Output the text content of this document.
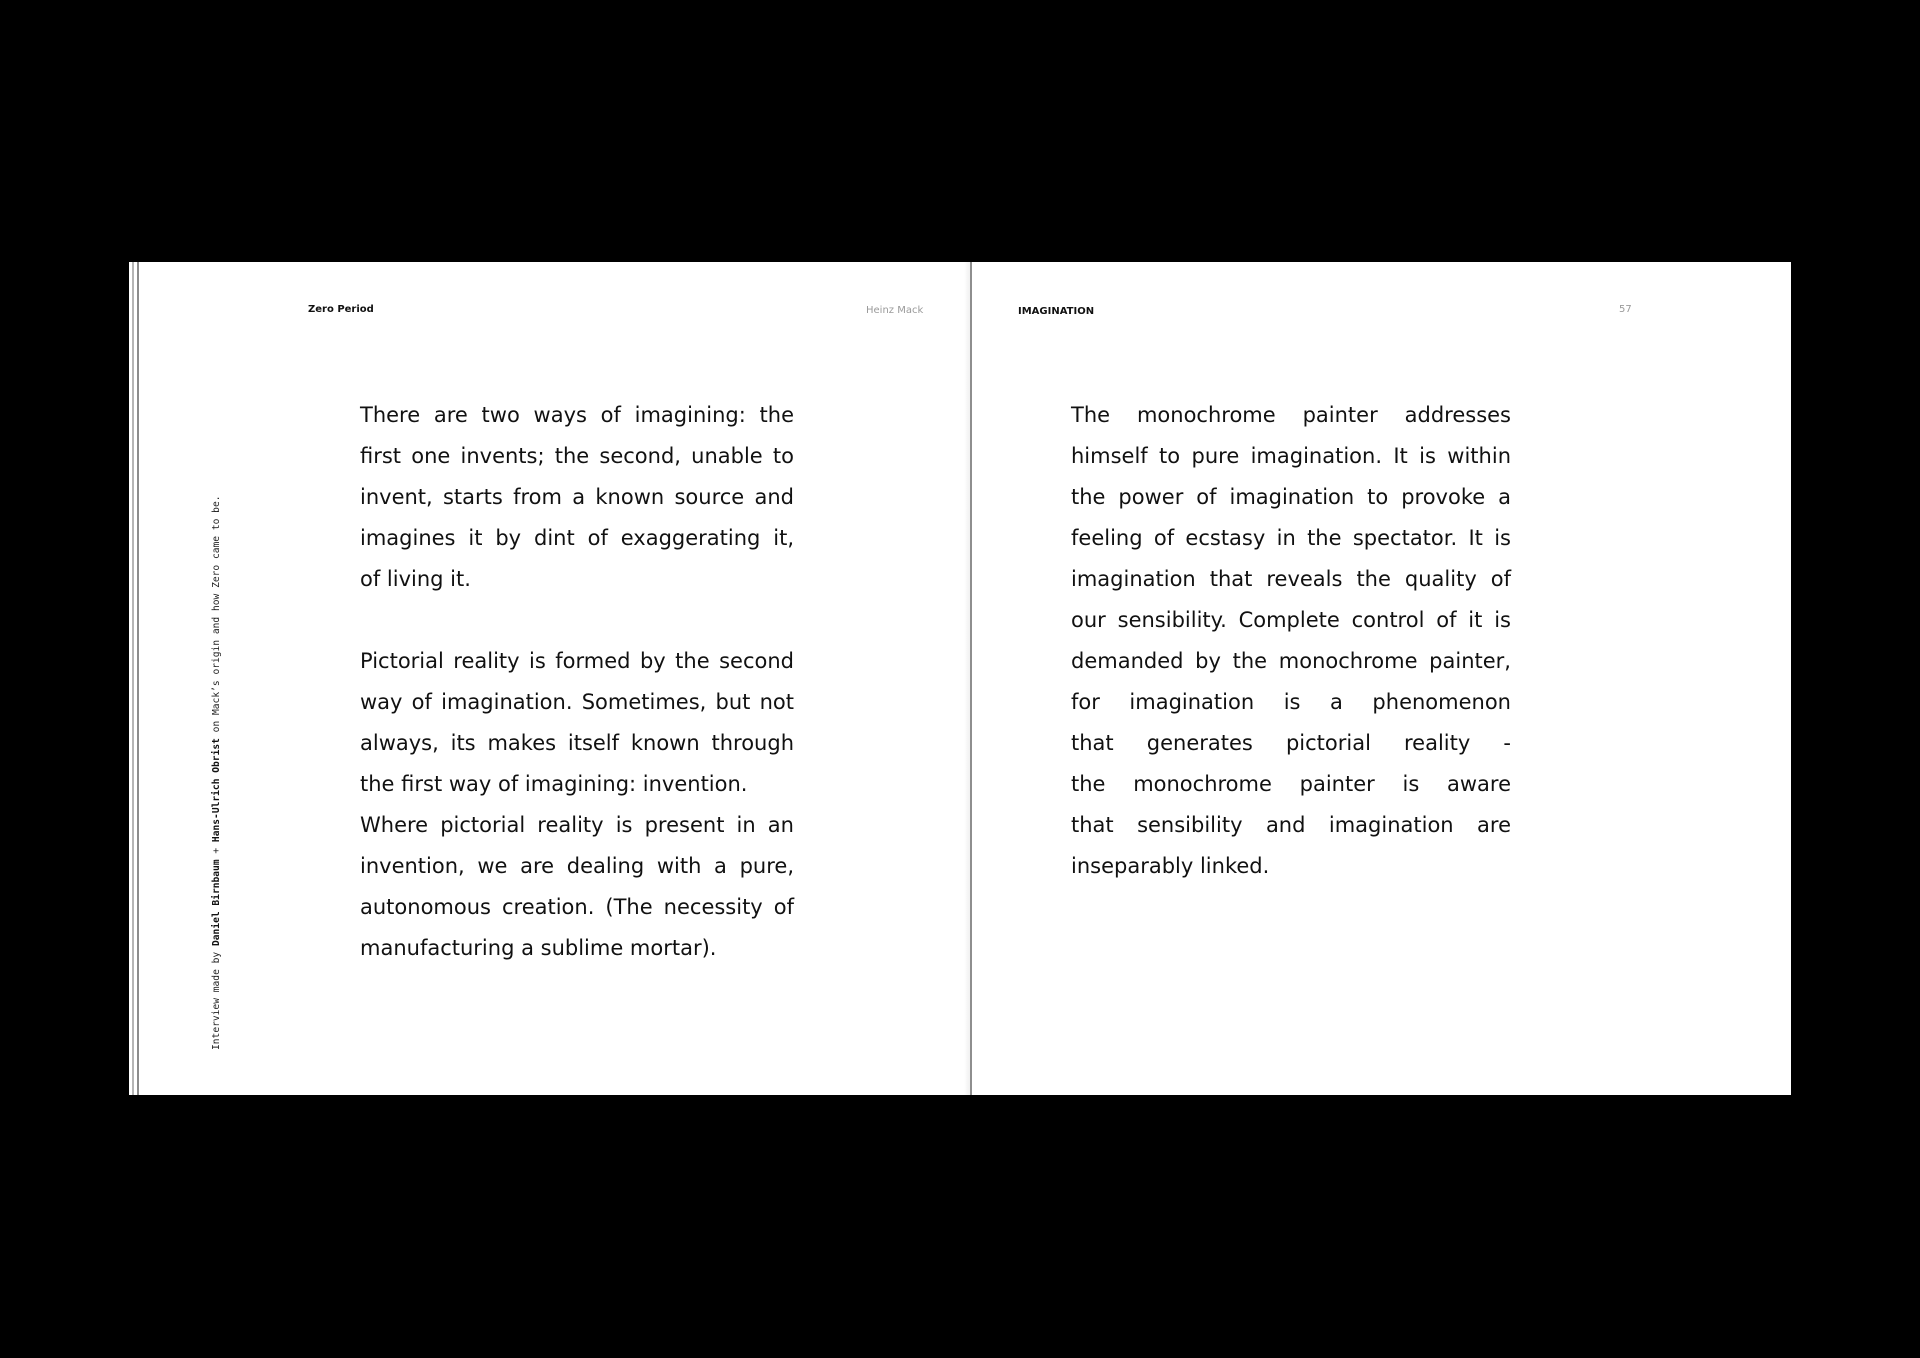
Zero Period	Heinz Mack
Interview made by Daniel Birnbaum + Hans-Ulrich Obrist on Mack’s origin and how Zero came to be.

There are two ways of imagining: the

first one invents; the second, unable to

invent, starts from a known source and

imagines it by dint of exaggerating it,

of living it.

Pictorial reality is formed by the second

way of imagination. Sometimes, but not

always, its makes itself known through

the first way of imagining: invention.

Where pictorial reality is present in an

invention, we are dealing with a pure,

autonomous creation. (The necessity of

manufacturing a sublime mortar).

IMAGINATION	57

The monochrome painter addresses

himself to pure imagination. It is within

the power of imagination to provoke a

feeling of ecstasy in the spectator. It is

imagination that reveals the quality of

our sensibility. Complete control of it is

demanded by the monochrome painter,

for imagination is a phenomenon

that generates pictorial reality -

the monochrome painter is aware

that sensibility and imagination are

inseparably linked.
